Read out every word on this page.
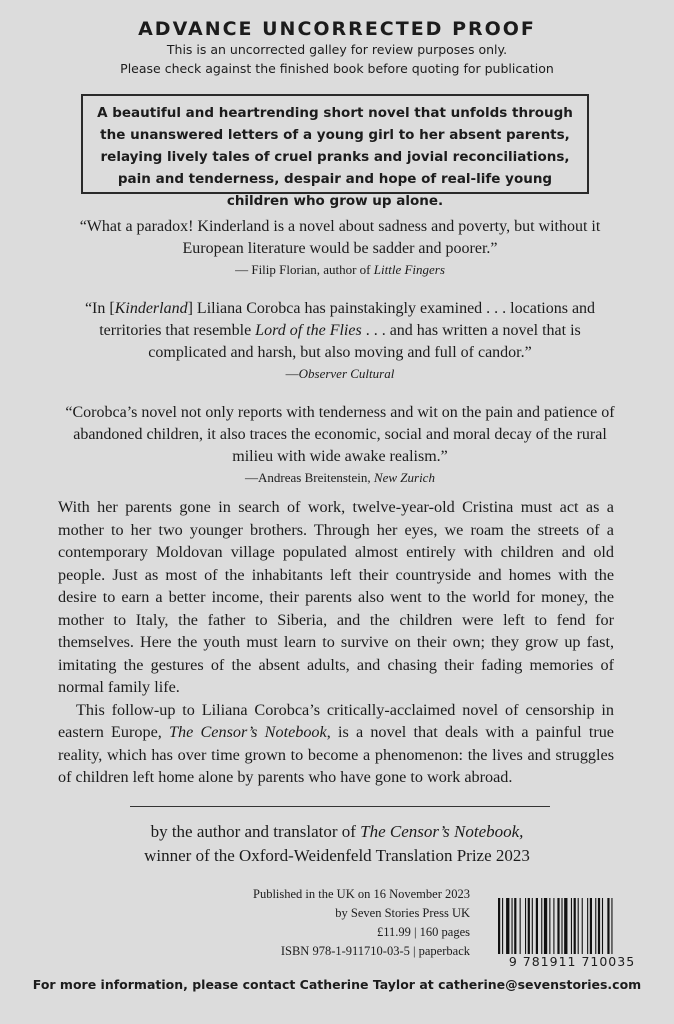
ADVANCE UNCORRECTED PROOF

This is an uncorrected galley for review purposes only.

Please check against the finished book before quoting for publication

A beautiful and heartrending short novel that unfolds through the unanswered letters of a young girl to her absent parents, relaying lively tales of cruel pranks and jovial reconciliations, pain and tenderness, despair and hope of real-life young children who grow up alone.

“What a paradox! Kinderland is a novel about sadness and poverty, but without it European literature would be sadder and poorer.”

— Filip Florian, author of Little Fingers

“In [Kinderland] Liliana Corobca has painstakingly examined . . . locations and territories that resemble Lord of the Flies . . . and has written a novel that is complicated and harsh, but also moving and full of candor.”

—Observer Cultural

“Corobca’s novel not only reports with tenderness and wit on the pain and patience of abandoned children, it also traces the economic, social and moral decay of the rural milieu with wide awake realism.”

—Andreas Breitenstein, New Zurich

With her parents gone in search of work, twelve-year-old Cristina must act as a mother to her two younger brothers. Through her eyes, we roam the streets of a contemporary Moldovan village populated almost entirely with children and old people. Just as most of the inhabitants left their countryside and homes with the desire to earn a better income, their parents also went to the world for money, the mother to Italy, the father to Siberia, and the children were left to fend for themselves. Here the youth must learn to survive on their own; they grow up fast, imitating the gestures of the absent adults, and chasing their fading memories of normal family life.

This follow-up to Liliana Corobca’s critically-acclaimed novel of censorship in eastern Europe, The Censor’s Notebook, is a novel that deals with a painful true reality, which has over time grown to become a phenomenon: the lives and struggles of children left home alone by parents who have gone to work abroad.

by the author and translator of The Censor’s Notebook,
winner of the Oxford-Weidenfeld Translation Prize 2023
Published in the UK on 16 November 2023
by Seven Stories Press UK
£11.99 | 160 pages
ISBN 978-1-911710-03-5 | paperback
9 781911 710035
For more information, please contact Catherine Taylor at catherine@sevenstories.com
